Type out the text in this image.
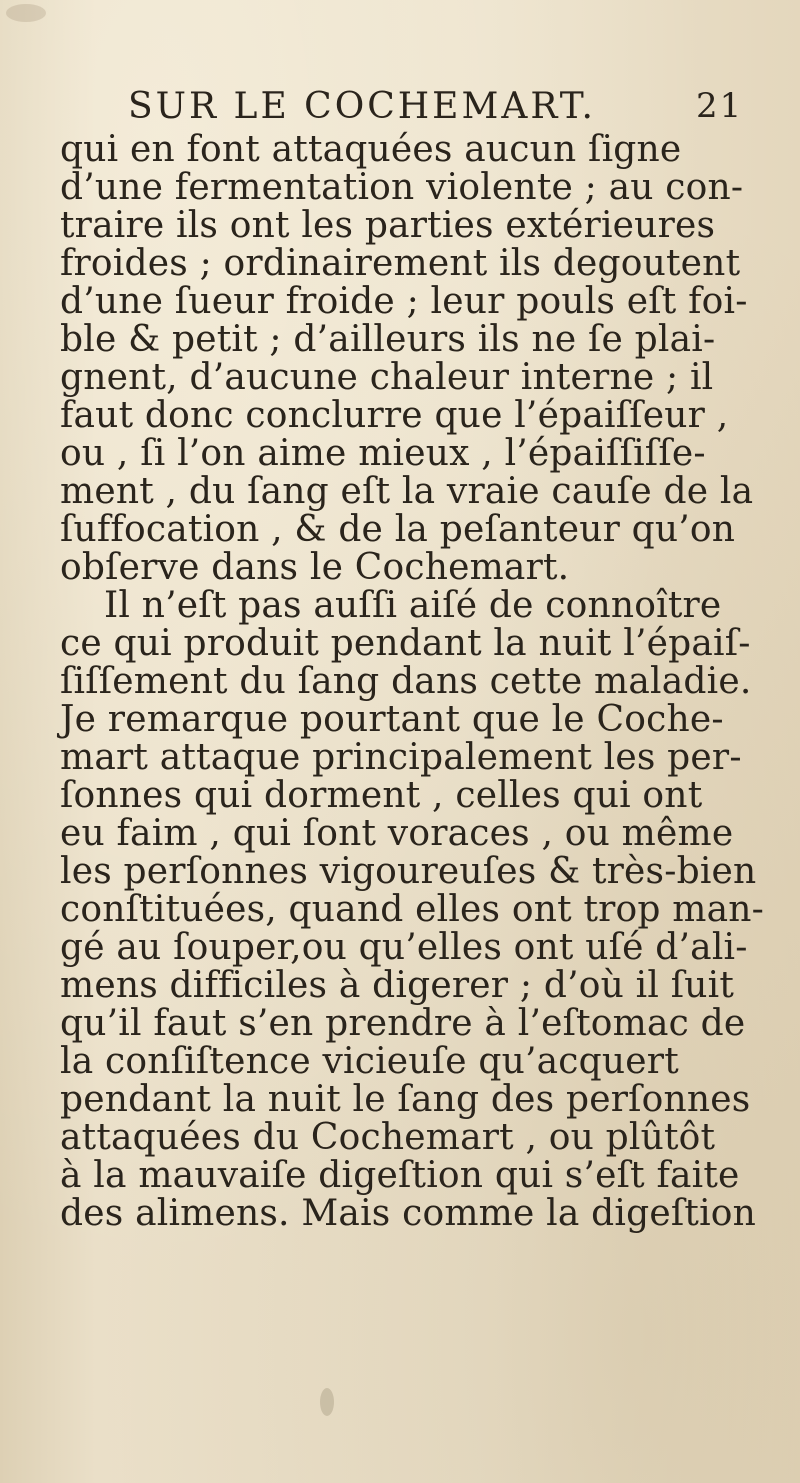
SUR LE COCHEMART.	21
qui en font attaquées aucun ſigne
d’une fermentation violente ; au con-
traire ils ont les parties extérieures
froides ; ordinairement ils degoutent
d’une ſueur froide ; leur pouls eſt foi-
ble & petit ; d’ailleurs ils ne ſe plai-
gnent, d’aucune chaleur interne ; il
faut donc conclurre que l’épaiſſeur ,
ou , ſi l’on aime mieux , l’épaiſſiſſe-
ment , du ſang eſt la vraie cauſe de la
ſuffocation , & de la peſanteur qu’on
obſerve dans le Cochemart.
Il n’eſt pas auſſi aiſé de connoître
ce qui produit pendant la nuit l’épaiſ-
ſiſſement du ſang dans cette maladie.
Je remarque pourtant que le Coche-
mart attaque principalement les per-
ſonnes qui dorment , celles qui ont
eu faim , qui ſont voraces , ou même
les perſonnes vigoureuſes & très-bien
conſtituées, quand elles ont trop man-
gé au ſouper,ou qu’elles ont uſé d’ali-
mens difficiles à digerer ; d’où il ſuit
qu’il faut s’en prendre à l’eſtomac de
la conſiſtence vicieuſe qu’acquert
pendant la nuit le ſang des perſonnes
attaquées du Cochemart , ou plûtôt
à la mauvaiſe digeſtion qui s’eſt faite
des alimens. Mais comme la digeſtion
